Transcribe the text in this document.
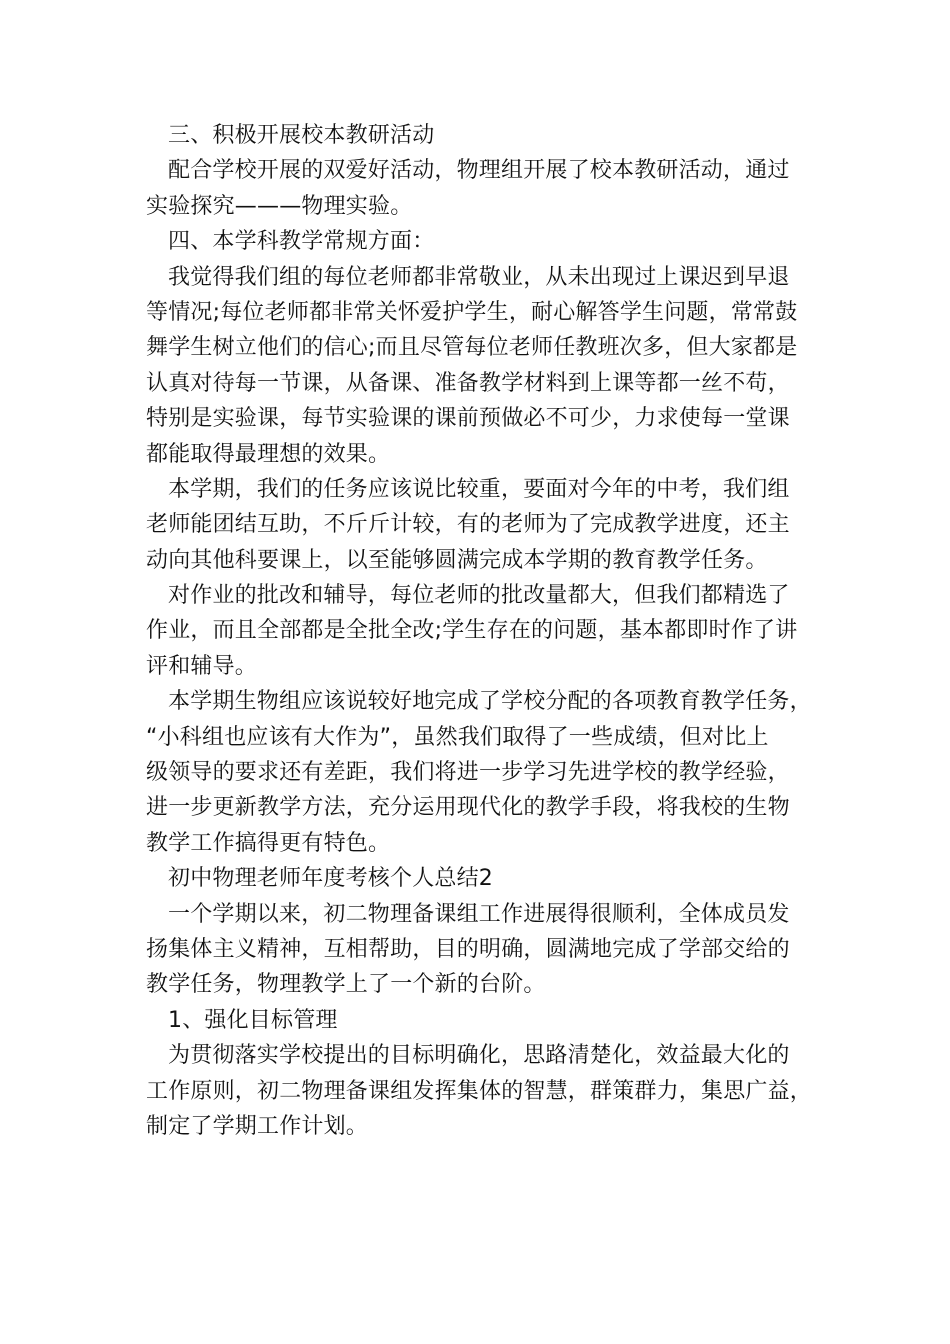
三、积极开展校本教研活动
配合学校开展的双爱好活动，物理组开展了校本教研活动，通过
实验探究———物理实验。
四、本学科教学常规方面：
我觉得我们组的每位老师都非常敬业，从未出现过上课迟到早退
等情况;每位老师都非常关怀爱护学生，耐心解答学生问题，常常鼓
舞学生树立他们的信心;而且尽管每位老师任教班次多，但大家都是
认真对待每一节课，从备课、准备教学材料到上课等都一丝不苟，
特别是实验课，每节实验课的课前预做必不可少，力求使每一堂课
都能取得最理想的效果。
本学期，我们的任务应该说比较重，要面对今年的中考，我们组
老师能团结互助，不斤斤计较，有的老师为了完成教学进度，还主
动向其他科要课上，以至能够圆满完成本学期的教育教学任务。
对作业的批改和辅导，每位老师的批改量都大，但我们都精选了
作业，而且全部都是全批全改;学生存在的问题，基本都即时作了讲
评和辅导。
本学期生物组应该说较好地完成了学校分配的各项教育教学任务，
“小科组也应该有大作为”，虽然我们取得了一些成绩，但对比上
级领导的要求还有差距，我们将进一步学习先进学校的教学经验，
进一步更新教学方法，充分运用现代化的教学手段，将我校的生物
教学工作搞得更有特色。
初中物理老师年度考核个人总结2
一个学期以来，初二物理备课组工作进展得很顺利，全体成员发
扬集体主义精神，互相帮助，目的明确，圆满地完成了学部交给的
教学任务，物理教学上了一个新的台阶。
1、强化目标管理
为贯彻落实学校提出的目标明确化，思路清楚化，效益最大化的
工作原则，初二物理备课组发挥集体的智慧，群策群力，集思广益，
制定了学期工作计划。
